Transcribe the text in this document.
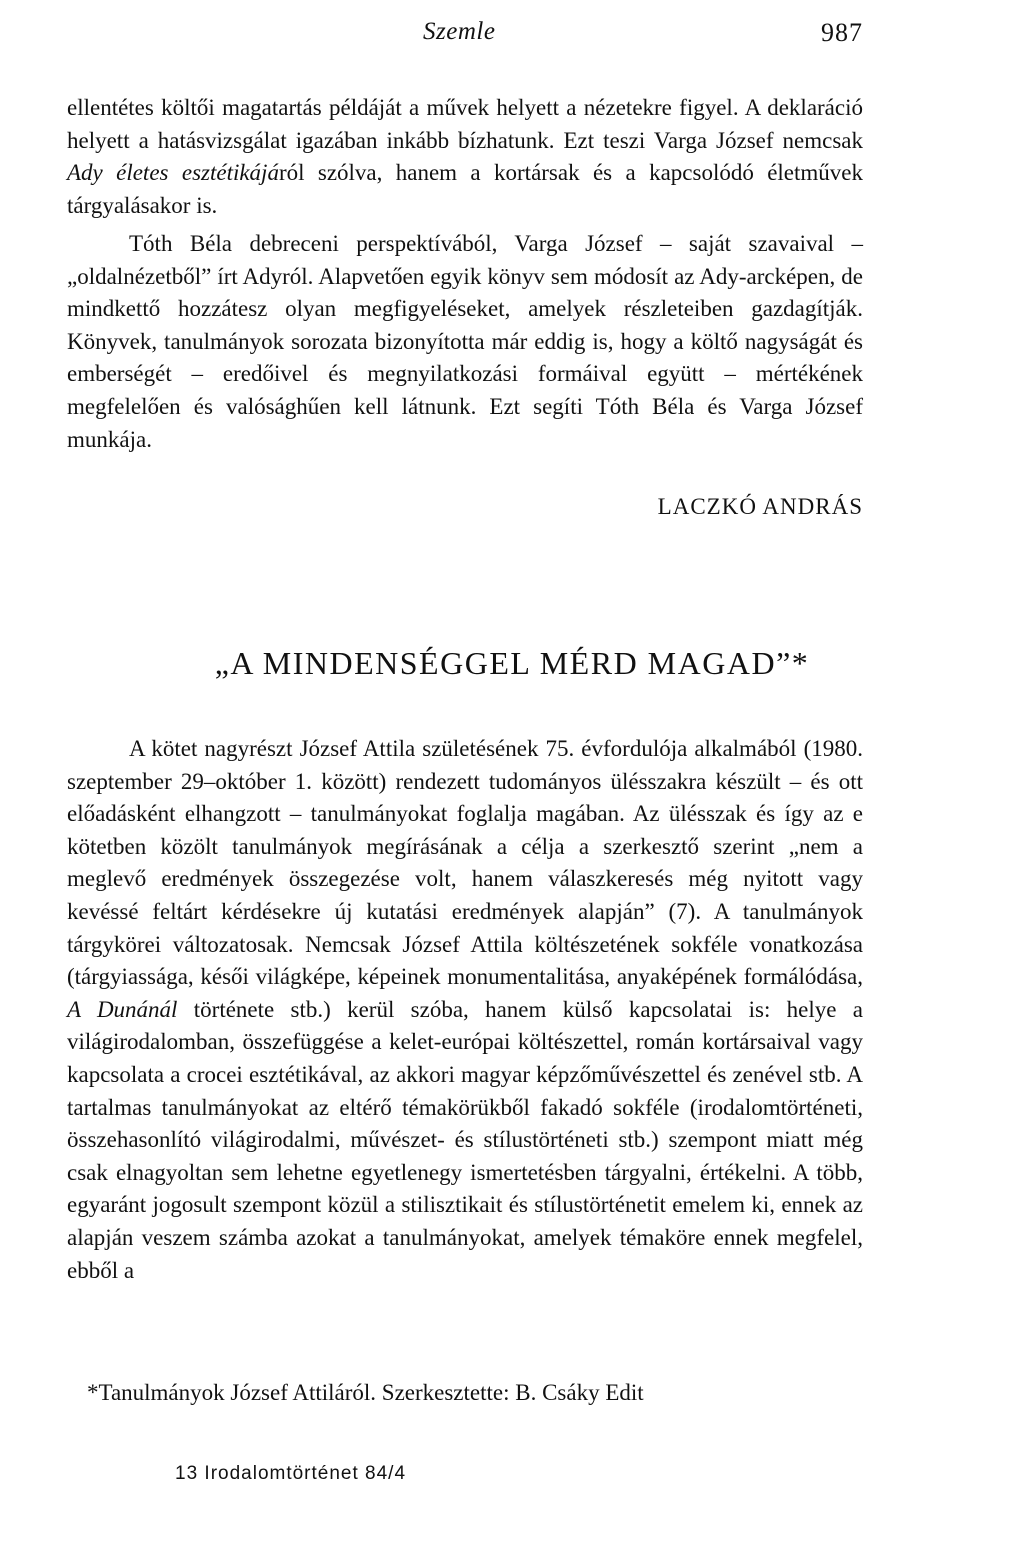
Szemle	987

ellentétes költői magatartás példáját a művek helyett a nézetekre figyel. A deklaráció helyett a hatásvizsgálat igazában inkább bízhatunk. Ezt teszi Varga József nemcsak Ady életes esztétikájáról szólva, hanem a kortársak és a kapcsolódó életművek tárgyalásakor is.

Tóth Béla debreceni perspektívából, Varga József – saját szavaival – „oldalnézetből” írt Adyról. Alapvetően egyik könyv sem módosít az Ady-arcképen, de mindkettő hozzátesz olyan megfigyeléseket, amelyek részleteiben gazdagítják. Könyvek, tanulmányok sorozata bizonyította már eddig is, hogy a költő nagyságát és emberségét – eredőivel és megnyilatkozási formáival együtt – mértékének megfelelően és valósághűen kell látnunk. Ezt segíti Tóth Béla és Varga József munkája.

LACZKÓ ANDRÁS
„A MINDENSÉGGEL MÉRD MAGAD”*

A kötet nagyrészt József Attila születésének 75. évfordulója alkalmából (1980. szeptember 29–október 1. között) rendezett tudományos ülésszakra készült – és ott előadásként elhangzott – tanulmányokat foglalja magában. Az ülésszak és így az e kötetben közölt tanulmányok megírásának a célja a szerkesztő szerint „nem a meglevő eredmények összegezése volt, hanem válaszkeresés még nyitott vagy kevéssé feltárt kérdésekre új kutatási eredmények alapján” (7). A tanulmányok tárgykörei változatosak. Nemcsak József Attila költészetének sokféle vonatkozása (tárgyiassága, késői világképe, képeinek monumentalitása, anyaképének formálódása, A Dunánál története stb.) kerül szóba, hanem külső kapcsolatai is: helye a világirodalomban, összefüggése a kelet-európai költészettel, román kortársaival vagy kapcsolata a crocei esztétikával, az akkori magyar képzőművészettel és zenével stb. A tartalmas tanulmányokat az eltérő témakörükből fakadó sokféle (irodalomtörténeti, összehasonlító világirodalmi, művészet- és stílustörténeti stb.) szempont miatt még csak elnagyoltan sem lehetne egyetlenegy ismertetésben tárgyalni, értékelni. A több, egyaránt jogosult szempont közül a stilisztikait és stílustörténetit emelem ki, ennek az alapján veszem számba azokat a tanulmányokat, amelyek témaköre ennek megfelel, ebből a

*Tanulmányok József Attiláról. Szerkesztette: B. Csáky Edit
13 Irodalomtörténet 84/4
